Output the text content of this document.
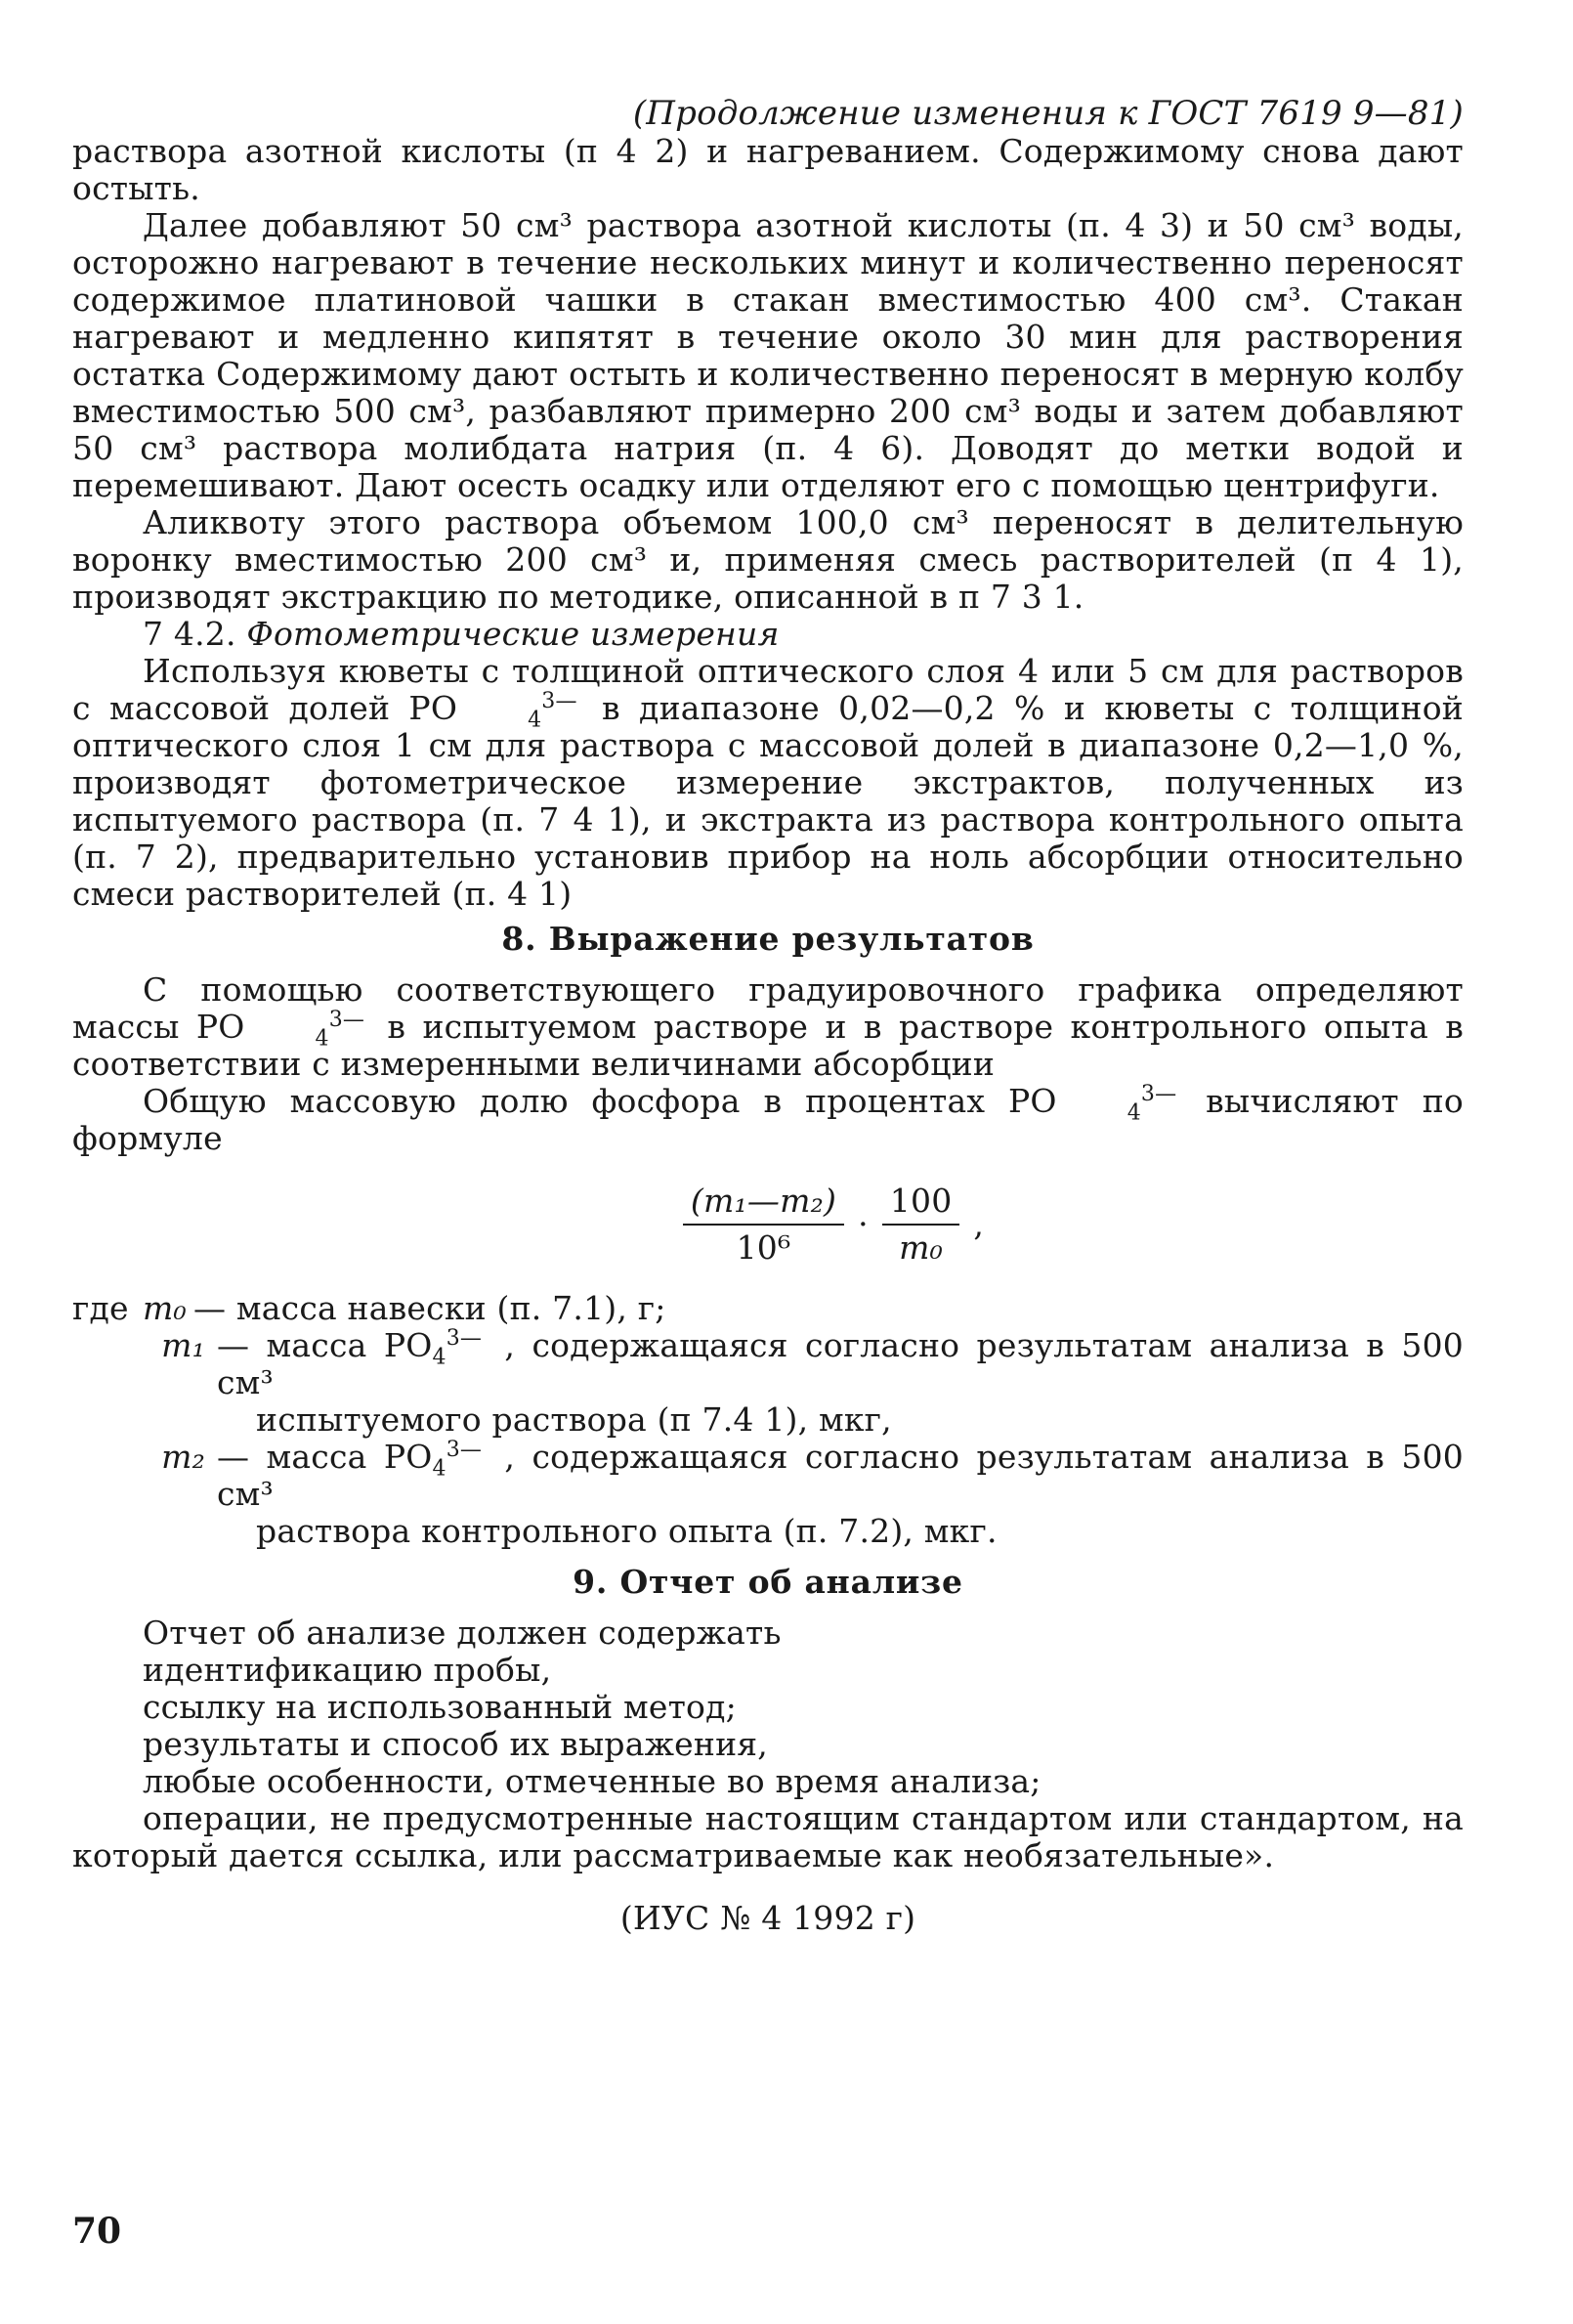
(Продолжение изменения к ГОСТ 7619 9—81)

раствора азотной кислоты (п 4 2) и нагреванием. Содержимому снова дают остыть.

Далее добавляют 50 см³ раствора азотной кислоты (п. 4 3) и 50 см³ воды, осторожно нагревают в течение нескольких минут и количественно переносят содержимое платиновой чашки в стакан вместимостью 400 см³. Стакан нагревают и медленно кипятят в течение около 30 мин для растворения остатка Содержимому дают остыть и количественно переносят в мерную колбу вместимостью 500 см³, разбавляют примерно 200 см³ воды и затем добавляют 50 см³ раствора молибдата натрия (п. 4 6). Доводят до метки водой и перемешивают. Дают осесть осадку или отделяют его с помощью центрифуги.

Аликвоту этого раствора объемом 100,0 см³ переносят в делительную воронку вместимостью 200 см³ и, применяя смесь растворителей (п 4 1), производят экстракцию по методике, описанной в п 7 3 1.

7 4.2. Фотометрические измерения

Используя кюветы с толщиной оптического слоя 4 или 5 см для растворов с массовой долей PO	$_4^{3—}$ в диапазоне 0,02—0,2 % и кюветы с толщиной оптического слоя 1 см для раствора с массовой долей в диапазоне 0,2—1,0 %, производят фотометрическое измерение экстрактов, полученных из испытуемого раствора (п. 7 4 1), и экстракта из раствора контрольного опыта (п. 7 2), предварительно установив прибор на ноль абсорбции относительно смеси растворителей (п. 4 1)

8. Выражение результатов

С помощью соответствующего градуировочного графика определяют массы PO	$_4^{3—}$ в испытуемом растворе и в растворе контрольного опыта в соответствии с измеренными величинами абсорбции

Общую массовую долю фосфора в процентах PO	$_4^{3—}$ вычисляют по формуле

$\frac{\text{(m₁—m₂)}}{\text{10⁶}} \cdot \frac{100}{\text{m₀}}$ ,
где m₀ — масса навески (п. 7.1), г;
m₁ — масса $PO_4^{3—}$ , содержащаяся согласно результатам анализа в 500 см³
испытуемого раствора (п 7.4 1), мкг,
m₂ — масса $PO_4^{3—}$ , содержащаяся согласно результатам анализа в 500 см³
раствора контрольного опыта (п. 7.2), мкг.
9. Отчет об анализе

Отчет об анализе должен содержать

идентификацию пробы,

ссылку на использованный метод;

результаты и способ их выражения,

любые особенности, отмеченные во время анализа;

операции, не предусмотренные настоящим стандартом или стандартом, на который дается ссылка, или рассматриваемые как необязательные».

(ИУС № 4 1992 г)
70
